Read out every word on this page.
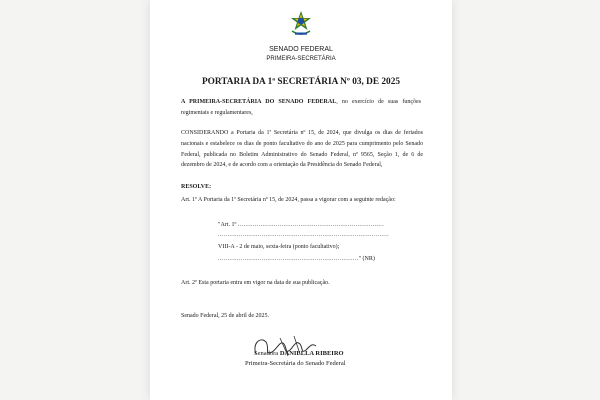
SENADO FEDERAL
PRIMEIRA-SECRETÁRIA
PORTARIA DA 1ª SECRETÁRIA Nº 03, DE 2025
A PRIMEIRA-SECRETÁRIA DO SENADO FEDERAL, no exercício de suas funções regimentais e regulamentares,
CONSIDERANDO a Portaria da 1ª Secretária nº 15, de 2024, que divulga os dias de feriados nacionais e estabelece os dias de ponto facultativo do ano de 2025 para cumprimento pelo Senado Federal, publicada no Boletim Administrativo do Senado Federal, nº 9565, Seção 1, de 6 de dezembro de 2024, e de acordo com a orientação da Presidência do Senado Federal,
RESOLVE:
Art. 1º A Portaria da 1ª Secretária nº 15, de 2024, passa a vigorar com a seguinte redação:
"Art. 1º .............................................................................
..........................................................................................
VIII-A - 2 de maio, sexta-feira (ponto facultativo);
.........................................................................." (NR)
Art. 2º Esta portaria entra em vigor na data de sua publicação.
Senado Federal, 25 de abril de 2025.
Senadora DANIELLA RIBEIRO
Primeira-Secretária do Senado Federal
